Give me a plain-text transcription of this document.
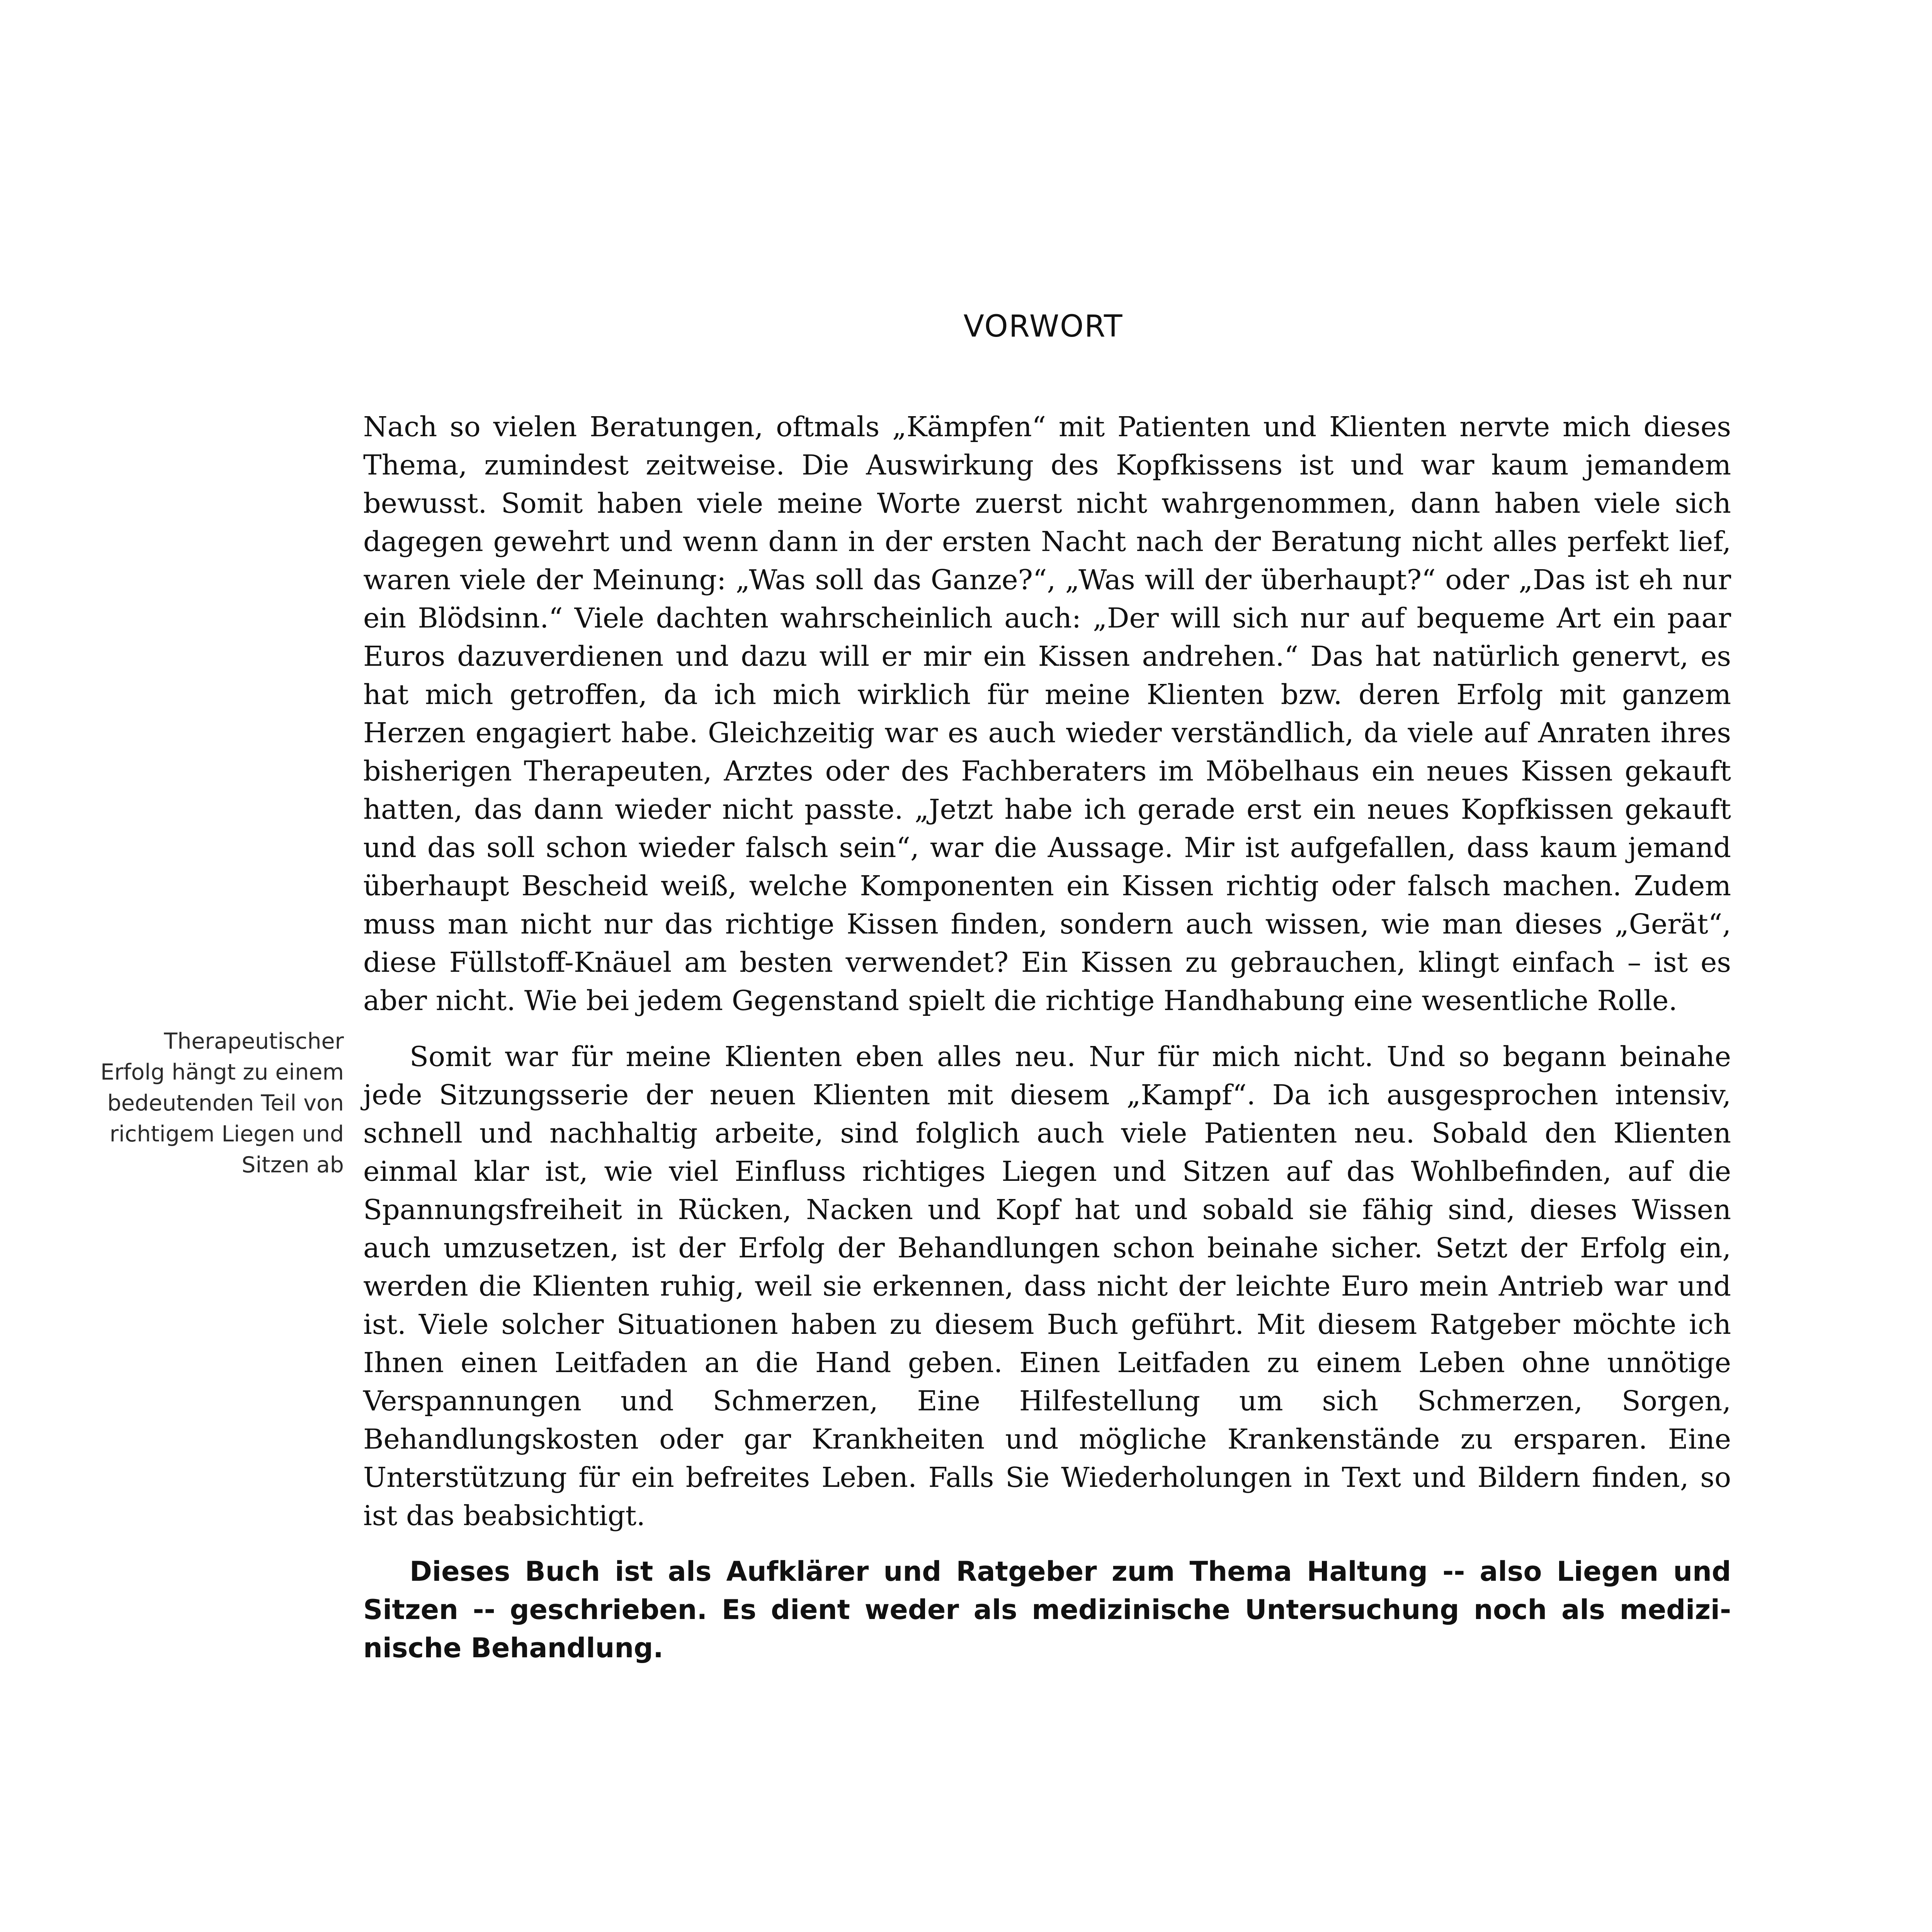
VORWORT
Therapeutischer Erfolg hängt zu einem bedeutenden Teil von richtigem Liegen und Sitzen ab

Nach so vielen Beratungen, oftmals „Kämpfen“ mit Patienten und Klienten nervte mich dieses Thema, zumindest zeitweise. Die Auswirkung des Kopfkissens ist und war kaum jemandem bewusst. Somit haben viele meine Worte zuerst nicht wahrgenommen, dann haben viele sich dagegen gewehrt und wenn dann in der ersten Nacht nach der Beratung nicht alles perfekt lief, waren viele der Meinung: „Was soll das Ganze?“, „Was will der überhaupt?“ oder „Das ist eh nur ein Blödsinn.“ Viele dachten wahrscheinlich auch: „Der will sich nur auf bequeme Art ein paar Euros dazuverdienen und dazu will er mir ein Kissen andrehen.“ Das hat natürlich genervt, es hat mich getroffen, da ich mich wirklich für meine Klienten bzw. deren Erfolg mit ganzem Herzen engagiert habe. Gleichzeitig war es auch wieder verständlich, da viele auf Anraten ihres bisherigen Therapeuten, Arztes oder des Fachberaters im Möbelhaus ein neues Kissen gekauft hatten, das dann wieder nicht passte. „Jetzt habe ich gerade erst ein neues Kopfkissen gekauft und das soll schon wieder falsch sein“, war die Aussage. Mir ist aufgefallen, dass kaum jemand überhaupt Bescheid weiß, welche Komponenten ein Kissen richtig oder falsch machen. Zudem muss man nicht nur das richtige Kissen finden, sondern auch wissen, wie man dieses „Gerät“, diese Füllstoff-Knäuel am besten verwendet? Ein Kissen zu gebrauchen, klingt einfach – ist es aber nicht. Wie bei jedem Gegenstand spielt die richtige Handhabung eine wesentliche Rolle.

Somit war für meine Klienten eben alles neu. Nur für mich nicht. Und so begann beinahe jede Sitzungsserie der neuen Klienten mit diesem „Kampf“. Da ich ausgesprochen intensiv, schnell und nachhaltig arbeite, sind folglich auch viele Patienten neu. Sobald den Klienten einmal klar ist, wie viel Einfluss richtiges Liegen und Sitzen auf das Wohlbefinden, auf die Spannungsfreiheit in Rücken, Nacken und Kopf hat und sobald sie fähig sind, dieses Wissen auch umzusetzen, ist der Erfolg der Behandlungen schon beinahe sicher. Setzt der Erfolg ein, werden die Klienten ruhig, weil sie erkennen, dass nicht der leichte Euro mein Antrieb war und ist. Viele solcher Situationen haben zu diesem Buch geführt. Mit diesem Ratgeber möchte ich Ihnen einen Leitfaden an die Hand geben. Einen Leitfaden zu einem Leben ohne unnötige Verspannungen und Schmerzen, Eine Hilfestellung um sich Schmerzen, Sorgen, Behandlungskosten oder gar Krankheiten und mögliche Krankenstände zu ersparen. Eine Unterstützung für ein befreites Leben. Falls Sie Wiederholungen in Text und Bildern finden, so ist das beabsichtigt.

Dieses Buch ist als Aufklärer und Ratgeber zum Thema Haltung -- also Liegen und Sitzen -- geschrieben. Es dient weder als medizinische Untersuchung noch als medizinische Behandlung.
